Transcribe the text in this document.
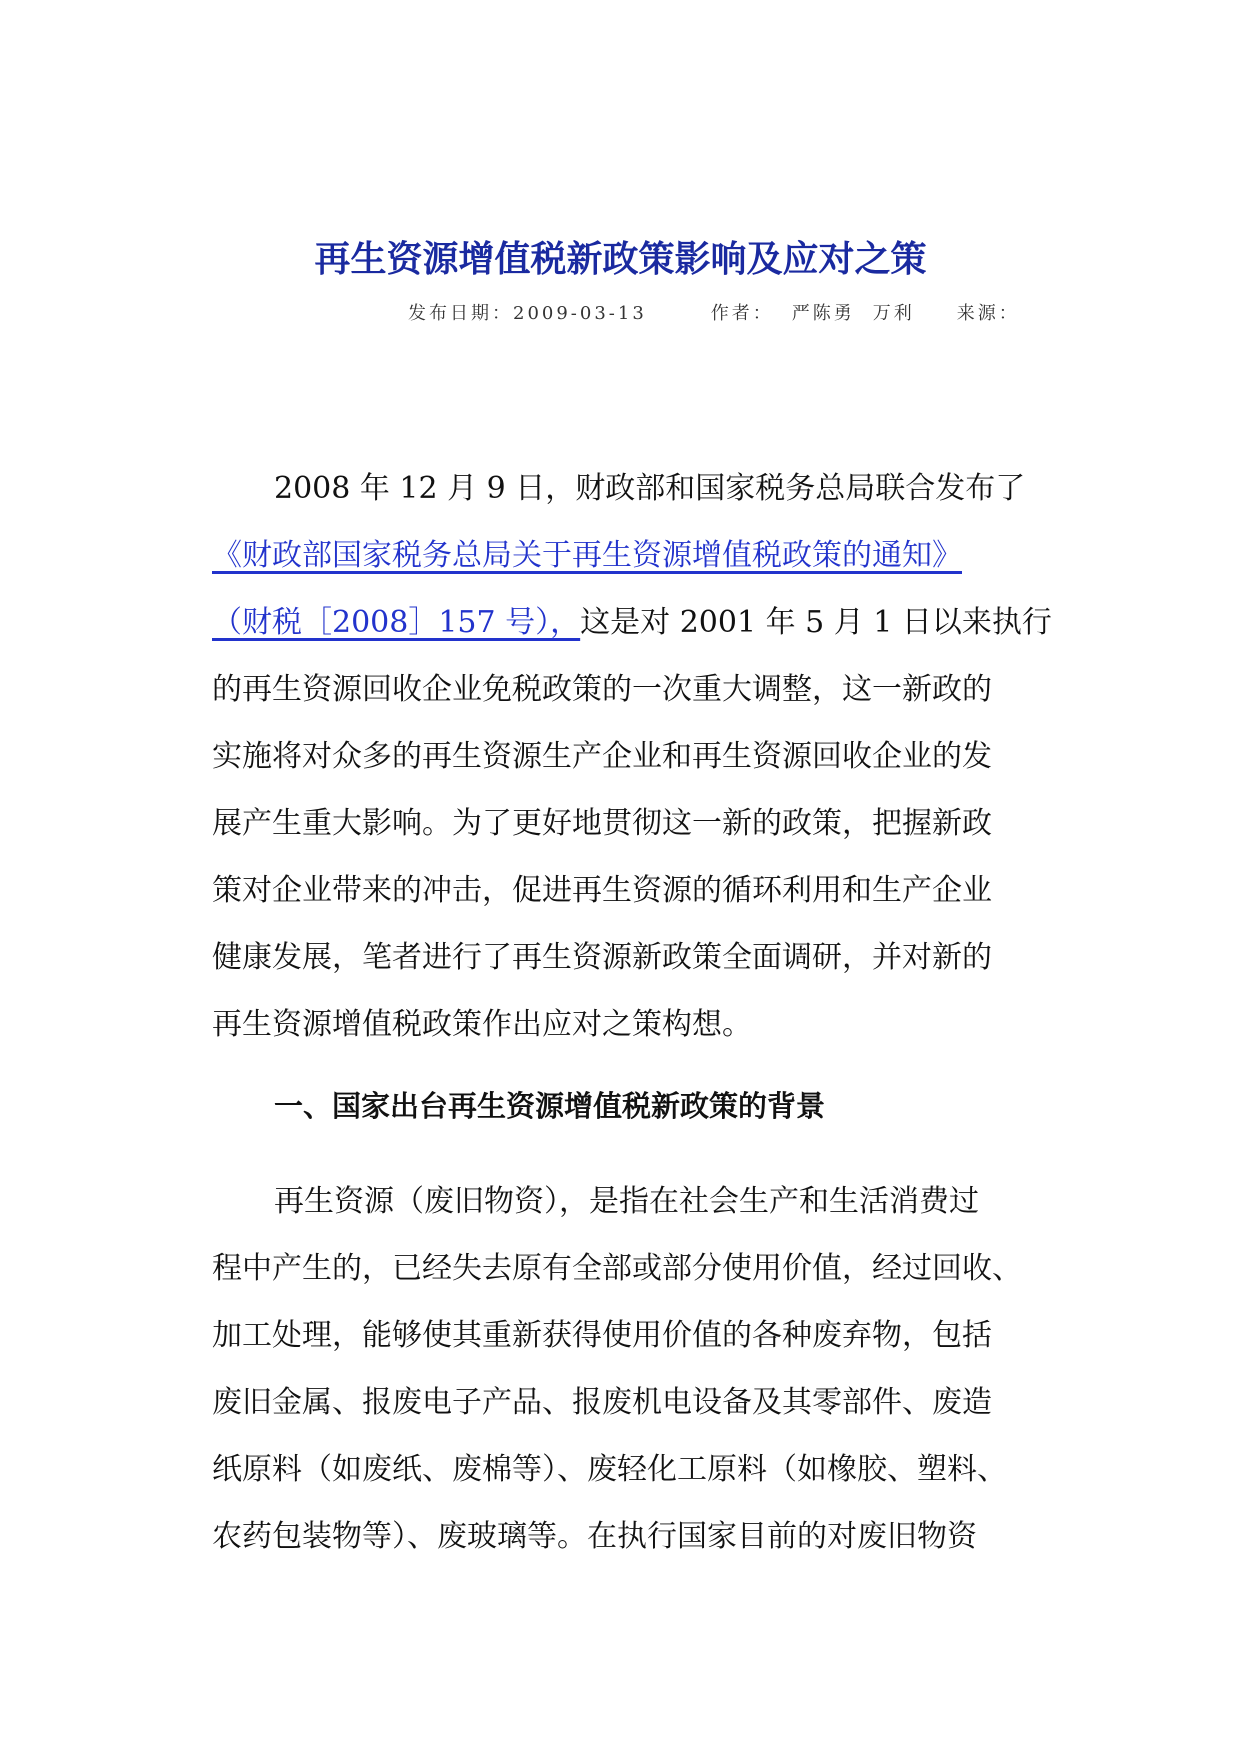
再生资源增值税新政策影响及应对之策
发布日期：2009-03-13	作者： 严陈勇 万利 来源：
2008 年 12 月 9 日，财政部和国家税务总局联合发布了
《财政部国家税务总局关于再生资源增值税政策的通知》
（财税［2008］157 号），这是对 2001 年 5 月 1 日以来执行
的再生资源回收企业免税政策的一次重大调整，这一新政的
实施将对众多的再生资源生产企业和再生资源回收企业的发
展产生重大影响。为了更好地贯彻这一新的政策，把握新政
策对企业带来的冲击，促进再生资源的循环利用和生产企业
健康发展，笔者进行了再生资源新政策全面调研，并对新的
再生资源增值税政策作出应对之策构想。
一、国家出台再生资源增值税新政策的背景
再生资源（废旧物资），是指在社会生产和生活消费过
程中产生的，已经失去原有全部或部分使用价值，经过回收、
加工处理，能够使其重新获得使用价值的各种废弃物，包括
废旧金属、报废电子产品、报废机电设备及其零部件、废造
纸原料（如废纸、废棉等）、废轻化工原料（如橡胶、塑料、
农药包装物等）、废玻璃等。在执行国家目前的对废旧物资
